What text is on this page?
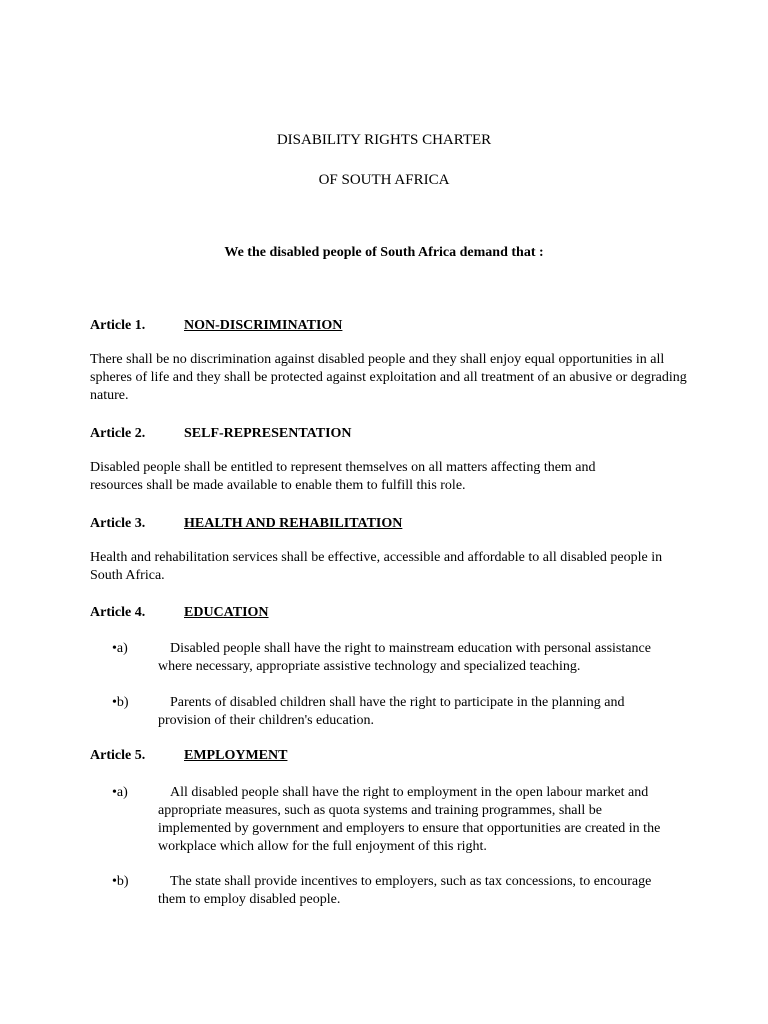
DISABILITY RIGHTS CHARTER
OF SOUTH AFRICA
We the disabled people of South Africa demand that :
Article 1.	NON-DISCRIMINATION

There shall be no discrimination against disabled people and they shall enjoy equal opportunities in all spheres of life and they shall be protected against exploitation and all treatment of an abusive or degrading nature.

Article 2.	SELF-REPRESENTATION

Disabled people shall be entitled to represent themselves on all matters affecting them and resources shall be made available to enable them to fulfill this role.

Article 3.	HEALTH AND REHABILITATION

Health and rehabilitation services shall be effective, accessible and affordable to all disabled people in South Africa.

Article 4.	EDUCATION
•a)	Disabled people shall have the right to mainstream education with personal assistance where necessary, appropriate assistive technology and specialized teaching.
•b)	Parents of disabled children shall have the right to participate in the planning and provision of their children's education.
Article 5.	EMPLOYMENT
•a)	All disabled people shall have the right to employment in the open labour market and appropriate measures, such as quota systems and training programmes, shall be implemented by government and employers to ensure that opportunities are created in the workplace which allow for the full enjoyment of this right.
•b)	The state shall provide incentives to employers, such as tax concessions, to encourage them to employ disabled people.
